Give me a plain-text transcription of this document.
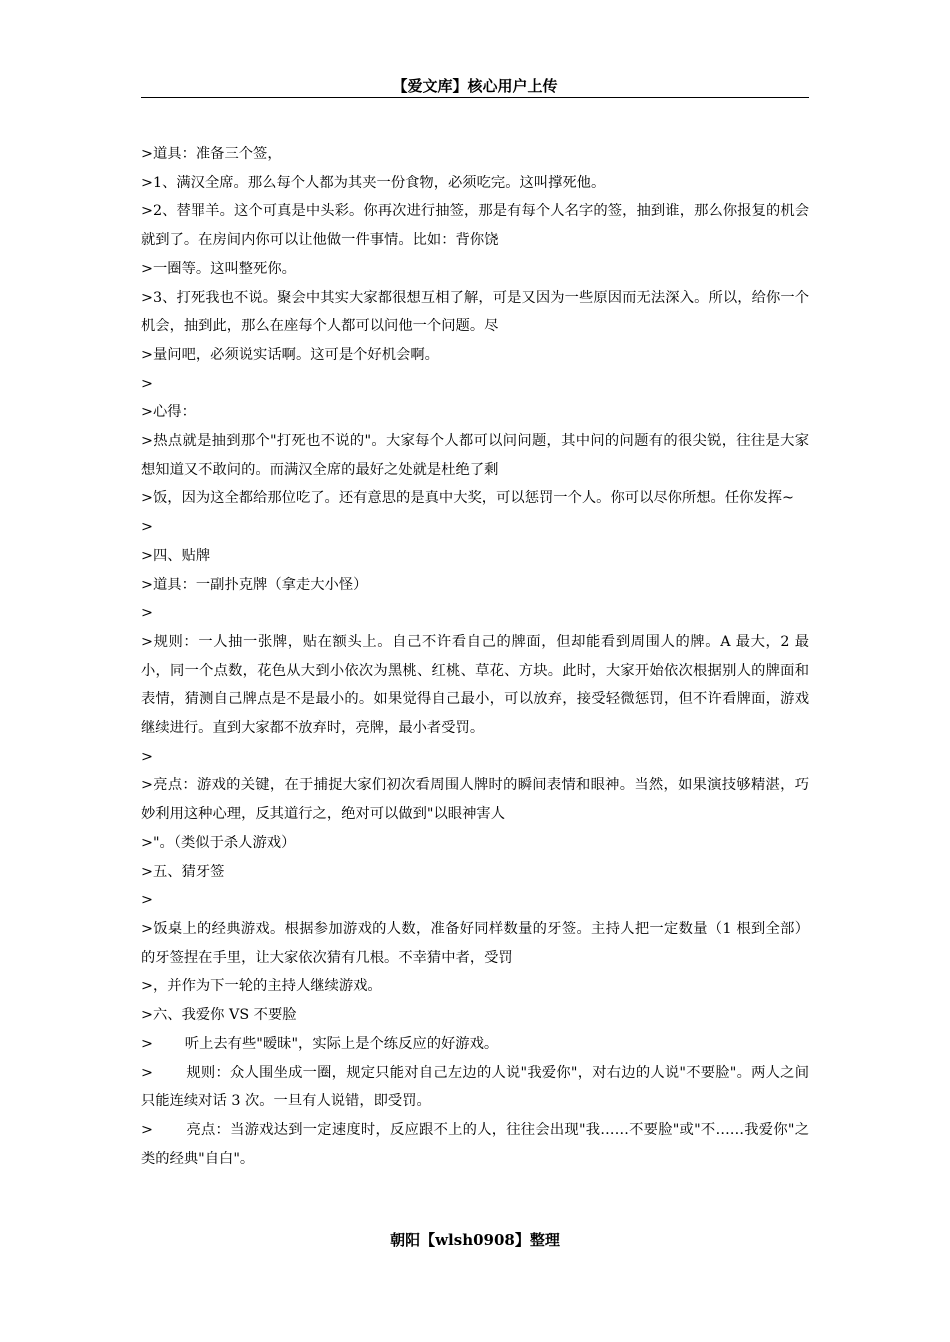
【爱文库】核心用户上传

>道具：准备三个签，

>1、满汉全席。那么每个人都为其夹一份食物，必须吃完。这叫撑死他。

>2、替罪羊。这个可真是中头彩。你再次进行抽签，那是有每个人名字的签，抽到谁，那么你报复的机会就到了。在房间内你可以让他做一件事情。比如：背你饶

>一圈等。这叫整死你。

>3、打死我也不说。聚会中其实大家都很想互相了解，可是又因为一些原因而无法深入。所以，给你一个机会，抽到此，那么在座每个人都可以问他一个问题。尽

>量问吧，必须说实话啊。这可是个好机会啊。

>

>心得：

>热点就是抽到那个"打死也不说的"。大家每个人都可以问问题，其中问的问题有的很尖锐，往往是大家想知道又不敢问的。而满汉全席的最好之处就是杜绝了剩

>饭，因为这全都给那位吃了。还有意思的是真中大奖，可以惩罚一个人。你可以尽你所想。任你发挥~

>

>四、贴牌

>道具：一副扑克牌（拿走大小怪）

>

>规则：一人抽一张牌，贴在额头上。自己不许看自己的牌面，但却能看到周围人的牌。A 最大，2 最小，同一个点数，花色从大到小依次为黑桃、红桃、草花、方块。此时，大家开始依次根据别人的牌面和表情，猜测自己牌点是不是最小的。如果觉得自己最小，可以放弃，接受轻微惩罚，但不许看牌面，游戏继续进行。直到大家都不放弃时，亮牌，最小者受罚。

>

>亮点：游戏的关键，在于捕捉大家们初次看周围人牌时的瞬间表情和眼神。当然，如果演技够精湛，巧妙利用这种心理，反其道行之，绝对可以做到"以眼神害人

>"。（类似于杀人游戏）

>五、猜牙签

>

>饭桌上的经典游戏。根据参加游戏的人数，准备好同样数量的牙签。主持人把一定数量（1 根到全部）的牙签捏在手里，让大家依次猜有几根。不幸猜中者，受罚

>，并作为下一轮的主持人继续游戏。

>六、我爱你 VS 不要脸

>       听上去有些"暧昧"，实际上是个练反应的好游戏。

>       规则：众人围坐成一圈，规定只能对自己左边的人说"我爱你"，对右边的人说"不要脸"。两人之间只能连续对话 3 次。一旦有人说错，即受罚。

>       亮点：当游戏达到一定速度时，反应跟不上的人，往往会出现"我……不要脸"或"不……我爱你"之类的经典"自白"。

朝阳【wlsh0908】整理
